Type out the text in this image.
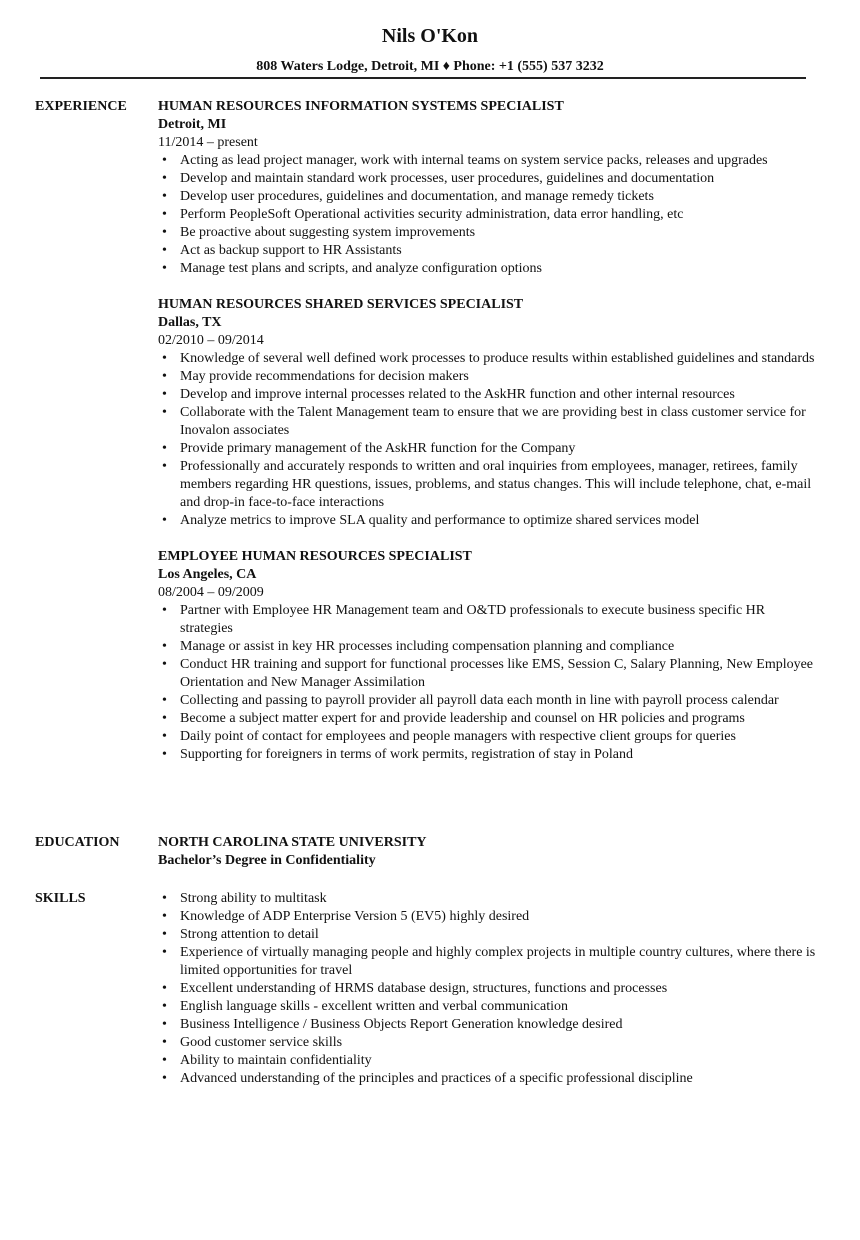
Nils O'Kon
808 Waters Lodge, Detroit, MI ♦ Phone: +1 (555) 537 3232
EXPERIENCE HUMAN RESOURCES INFORMATION SYSTEMS SPECIALIST
Detroit, MI
11/2014 – present
• Acting as lead project manager, work with internal teams on system service packs, releases and upgrades
• Develop and maintain standard work processes, user procedures, guidelines and documentation
• Develop user procedures, guidelines and documentation, and manage remedy tickets
• Perform PeopleSoft Operational activities security administration, data error handling, etc
• Be proactive about suggesting system improvements
• Act as backup support to HR Assistants
• Manage test plans and scripts, and analyze configuration options
HUMAN RESOURCES SHARED SERVICES SPECIALIST
Dallas, TX
02/2010 – 09/2014
• Knowledge of several well defined work processes to produce results within established guidelines and standards
• May provide recommendations for decision makers
• Develop and improve internal processes related to the AskHR function and other internal resources
• Collaborate with the Talent Management team to ensure that we are providing best in class customer service for Inovalon associates
• Provide primary management of the AskHR function for the Company
• Professionally and accurately responds to written and oral inquiries from employees, manager, retirees, family members regarding HR questions, issues, problems, and status changes. This will include telephone, chat, e-mail and drop-in face-to-face interactions
• Analyze metrics to improve SLA quality and performance to optimize shared services model
EMPLOYEE HUMAN RESOURCES SPECIALIST
Los Angeles, CA
08/2004 – 09/2009
• Partner with Employee HR Management team and O&TD professionals to execute business specific HR strategies
• Manage or assist in key HR processes including compensation planning and compliance
• Conduct HR training and support for functional processes like EMS, Session C, Salary Planning, New Employee Orientation and New Manager Assimilation
• Collecting and passing to payroll provider all payroll data each month in line with payroll process calendar
• Become a subject matter expert for and provide leadership and counsel on HR policies and programs
• Daily point of contact for employees and people managers with respective client groups for queries
• Supporting for foreigners in terms of work permits, registration of stay in Poland
EDUCATION	NORTH CAROLINA STATE UNIVERSITY
Bachelor’s Degree in Confidentiality
SKILLS
•	Strong ability to multitask
• Knowledge of ADP Enterprise Version 5 (EV5) highly desired
• Strong attention to detail
• Experience of virtually managing people and highly complex projects in multiple country cultures, where there is limited opportunities for travel
• Excellent understanding of HRMS database design, structures, functions and processes
• English language skills - excellent written and verbal communication
• Business Intelligence / Business Objects Report Generation knowledge desired
• Good customer service skills
• Ability to maintain confidentiality
• Advanced understanding of the principles and practices of a specific professional discipline
